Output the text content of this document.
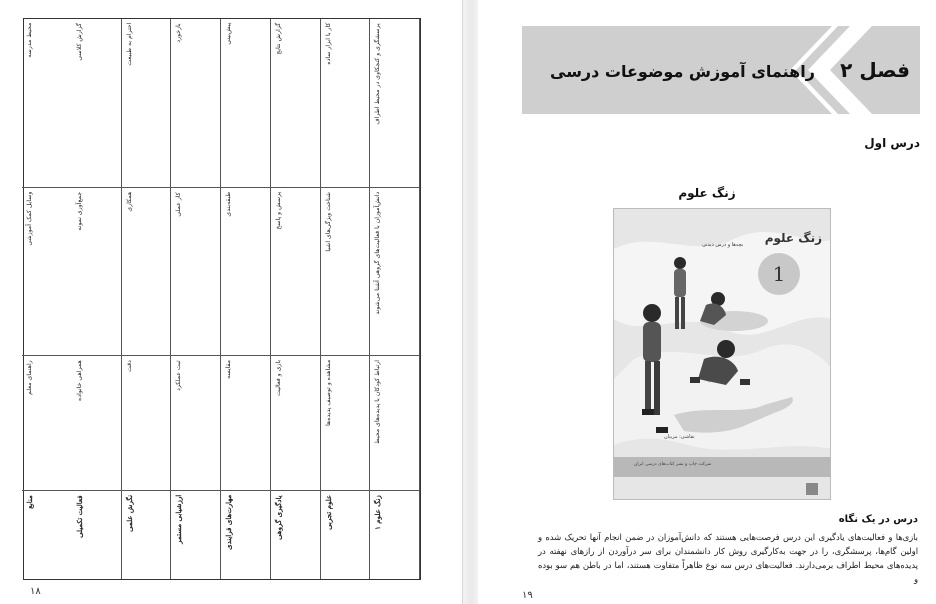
پرسشگری و کنجکاوی در محیط اطراف
دانش‌آموزان با فعالیت‌های گروهی آشنا می‌شوند
ارتباط کودکان با پدیده‌های محیط
زنگ علوم ۱
کار با ابزار ساده
شناخت ویژگی‌های اشیا
مشاهده و توصیف پدیده‌ها
علوم تجربی
گزارش نتایج
پرسش و پاسخ
بازی و فعالیت
یادگیری گروهی
پیش‌بینی
طبقه‌بندی
مقایسه
مهارت‌های فرایندی
بازخورد
کار عملی
ثبت عملکرد
ارزشیابی مستمر
احترام به طبیعت
همکاری
دقت
نگرش علمی
گزارش کلاسی
جمع‌آوری نمونه
همراهی خانواده
فعالیت تکمیلی
محیط مدرسه
وسایل کمک آموزشی
راهنمای معلم
منابع
۱۸
فصل ۲
راهنمای آموزش موضوعات درسی
درس اول
زنگ علوم
زنگ علوم
بچه‌ها و درس دیدنی
1
نقاشی: مربیان
شرکت چاپ و نشر کتاب‌های درسی ایران
درس در یک نگاه
بازی‌ها و فعالیت‌های یادگیری این درس فرصت‌هایی هستند که دانش‌آموزان در ضمن انجام آنها تحریک شده و اولین گام‌ها، پرسشگری، را در جهت به‌کارگیری روش کار دانشمندان برای سر درآوردن از رازهای نهفته در پدیده‌های محیط اطراف برمی‌دارند. فعالیت‌های درس سه نوع ظاهراً متفاوت هستند، اما در باطن هم سو بوده و
۱۹
